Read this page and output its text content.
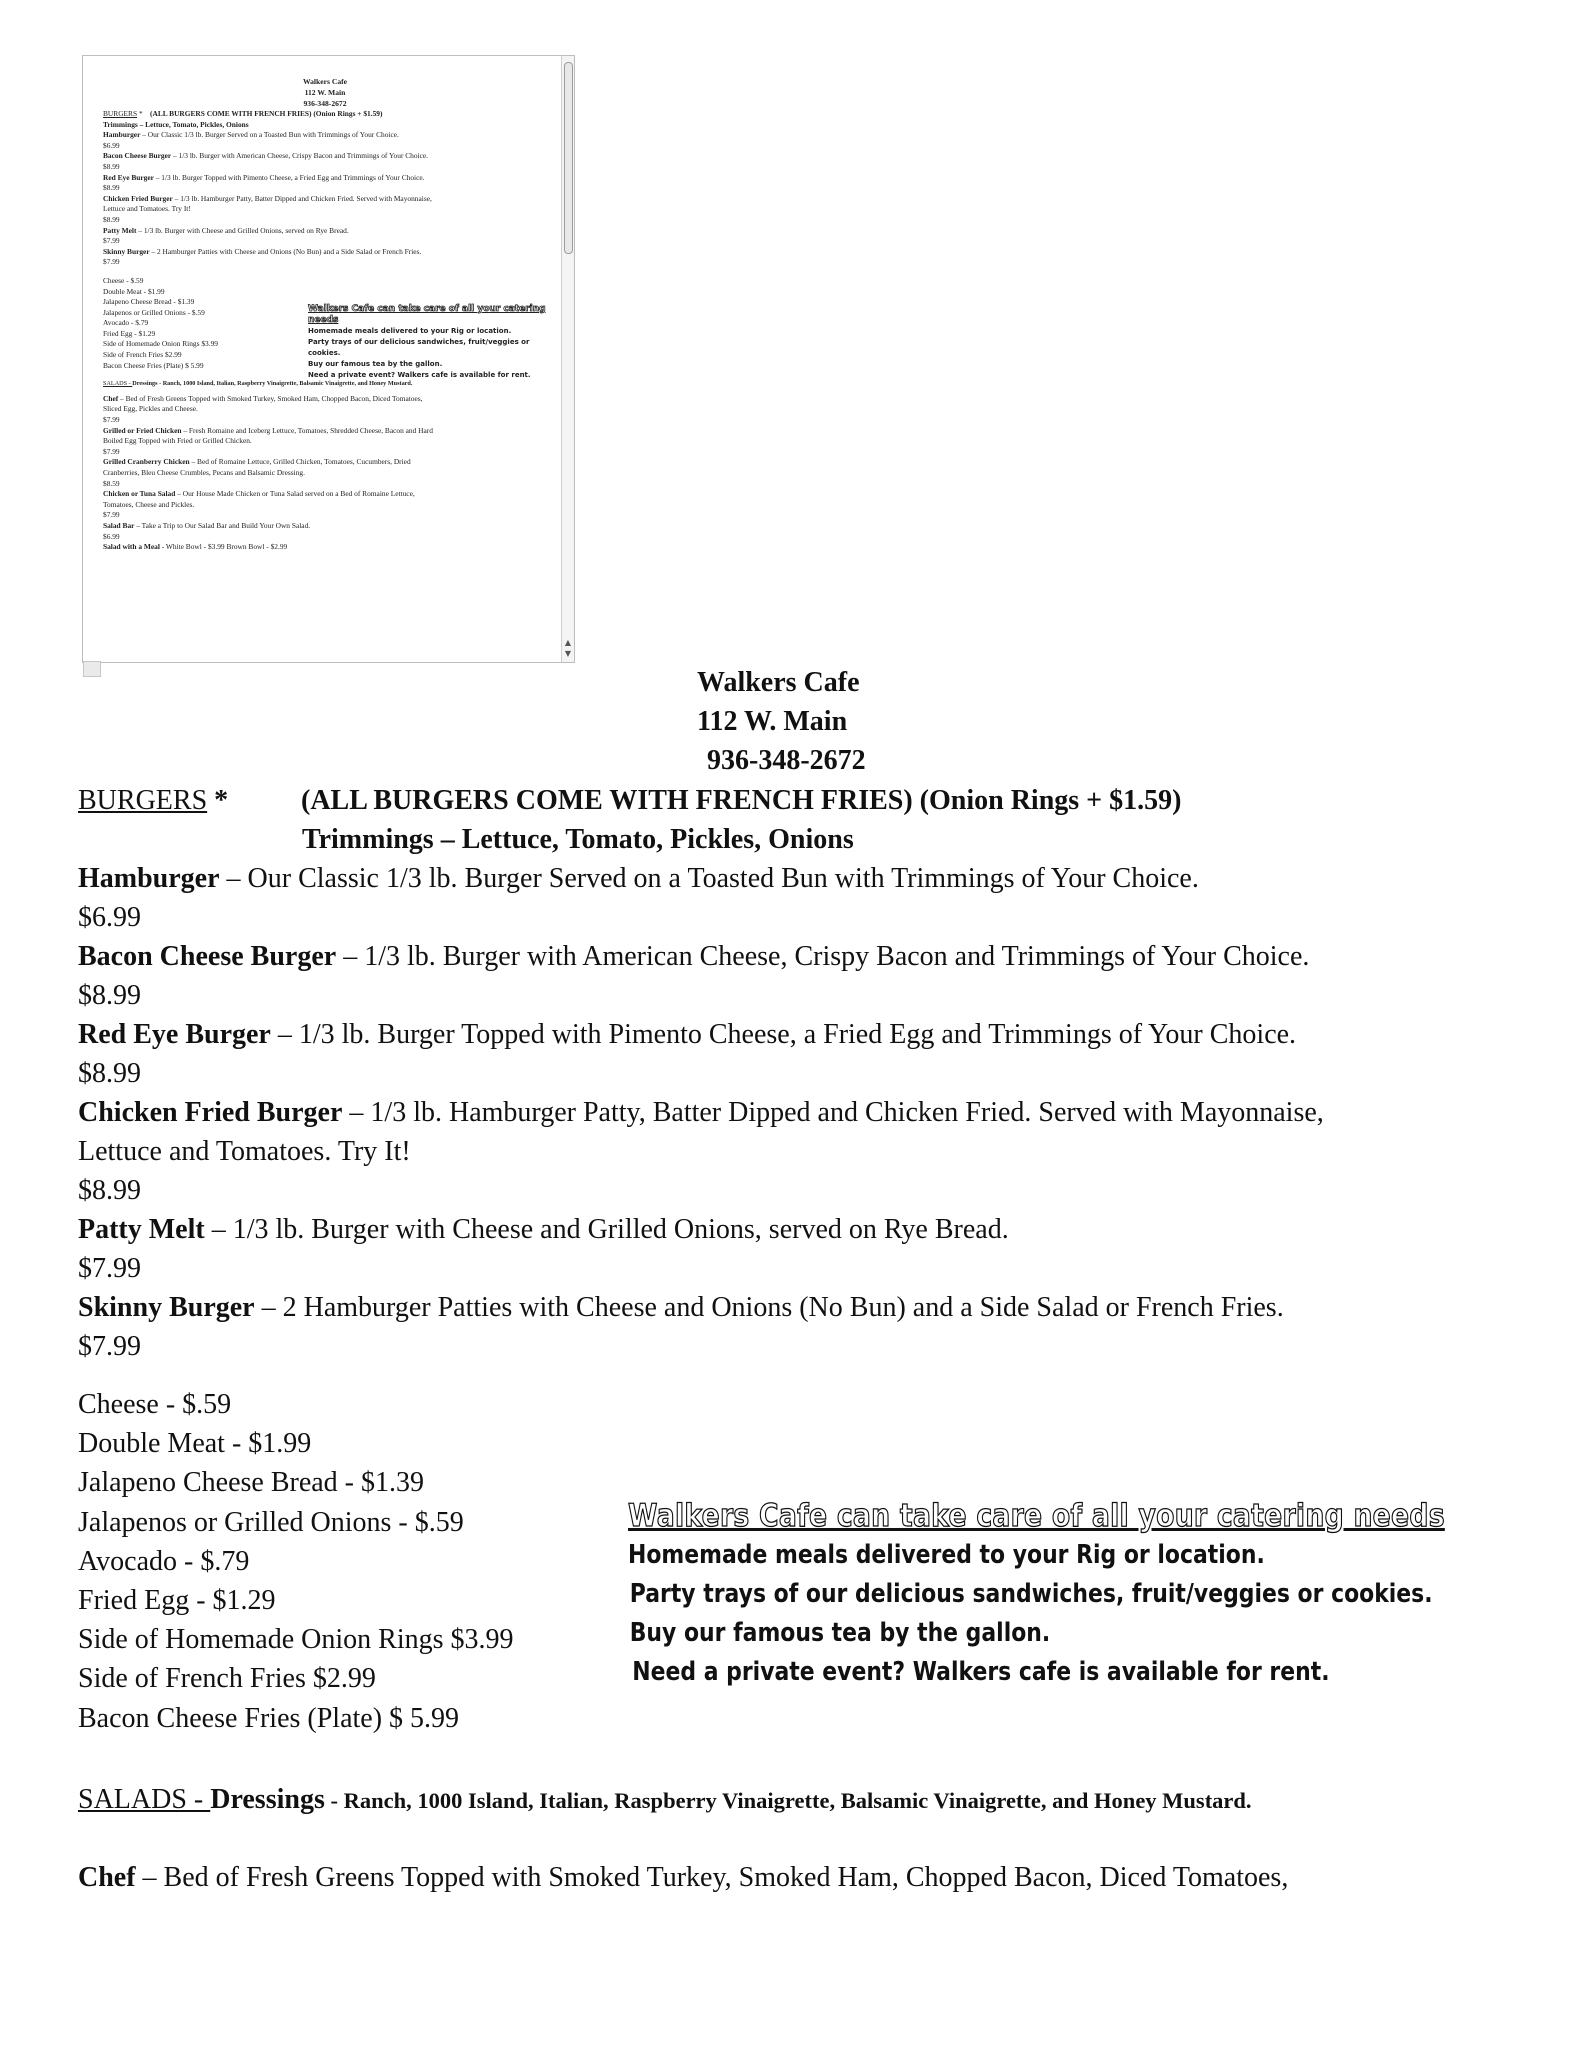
Walkers Cafe
112 W. Main
936-348-2672
BURGERS * (ALL BURGERS COME WITH FRENCH FRIES) (Onion Rings + $1.59)
Trimmings – Lettuce, Tomato, Pickles, Onions
Hamburger – Our Classic 1/3 lb. Burger Served on a Toasted Bun with Trimmings of Your Choice.
$6.99
Bacon Cheese Burger – 1/3 lb. Burger with American Cheese, Crispy Bacon and Trimmings of Your Choice.
$8.99
Red Eye Burger – 1/3 lb. Burger Topped with Pimento Cheese, a Fried Egg and Trimmings of Your Choice.
$8.99
Chicken Fried Burger – 1/3 lb. Hamburger Patty, Batter Dipped and Chicken Fried. Served with Mayonnaise,
Lettuce and Tomatoes. Try It!
$8.99
Patty Melt – 1/3 lb. Burger with Cheese and Grilled Onions, served on Rye Bread.
$7.99
Skinny Burger – 2 Hamburger Patties with Cheese and Onions (No Bun) and a Side Salad or French Fries.
$7.99
Cheese - $.59
Double Meat - $1.99
Jalapeno Cheese Bread - $1.39
Jalapenos or Grilled Onions - $.59
Avocado - $.79
Fried Egg - $1.29
Side of Homemade Onion Rings $3.99
Side of French Fries $2.99
Bacon Cheese Fries (Plate) $ 5.99
Walkers Cafe can take care of all your catering needs
Homemade meals delivered to your Rig or location.
Party trays of our delicious sandwiches, fruit/veggies or cookies.
Buy our famous tea by the gallon.
Need a private event? Walkers cafe is available for rent.
SALADS - Dressings - Ranch, 1000 Island, Italian, Raspberry Vinaigrette, Balsamic Vinaigrette, and Honey Mustard.
Chef – Bed of Fresh Greens Topped with Smoked Turkey, Smoked Ham, Chopped Bacon, Diced Tomatoes,
Sliced Egg, Pickles and Cheese.
$7.99
Grilled or Fried Chicken – Fresh Romaine and Iceberg Lettuce, Tomatoes, Shredded Cheese, Bacon and Hard
Boiled Egg Topped with Fried or Grilled Chicken.
$7.99
Grilled Cranberry Chicken – Bed of Romaine Lettuce, Grilled Chicken, Tomatoes, Cucumbers, Dried
Cranberries, Bleu Cheese Crumbles, Pecans and Balsamic Dressing.
$8.59
Chicken or Tuna Salad – Our House Made Chicken or Tuna Salad served on a Bed of Romaine Lettuce,
Tomatoes, Cheese and Pickles.
$7.99
Salad Bar – Take a Trip to Our Salad Bar and Build Your Own Salad.
$6.99
Salad with a Meal - White Bowl - $3.99 Brown Bowl - $2.99
▲
▼
Walkers Cafe
112 W. Main
936-348-2672
BURGERS *	(ALL BURGERS COME WITH FRENCH FRIES) (Onion Rings + $1.59)
Trimmings – Lettuce, Tomato, Pickles, Onions
Hamburger – Our Classic 1/3 lb. Burger Served on a Toasted Bun with Trimmings of Your Choice.
$6.99
Bacon Cheese Burger – 1/3 lb. Burger with American Cheese, Crispy Bacon and Trimmings of Your Choice.
$8.99
Red Eye Burger – 1/3 lb. Burger Topped with Pimento Cheese, a Fried Egg and Trimmings of Your Choice.
$8.99
Chicken Fried Burger – 1/3 lb. Hamburger Patty, Batter Dipped and Chicken Fried. Served with Mayonnaise,
Lettuce and Tomatoes. Try It!
$8.99
Patty Melt – 1/3 lb. Burger with Cheese and Grilled Onions, served on Rye Bread.
$7.99
Skinny Burger – 2 Hamburger Patties with Cheese and Onions (No Bun) and a Side Salad or French Fries.
$7.99
Cheese - $.59
Double Meat - $1.99
Jalapeno Cheese Bread - $1.39
Jalapenos or Grilled Onions - $.59
Avocado - $.79
Fried Egg - $1.29
Side of Homemade Onion Rings $3.99
Side of French Fries $2.99
Bacon Cheese Fries (Plate) $ 5.99
Walkers Cafe can take care of all your catering needs
Homemade meals delivered to your Rig or location.
Party trays of our delicious sandwiches, fruit/veggies or cookies.
Buy our famous tea by the gallon.
Need a private event? Walkers cafe is available for rent.
SALADS - Dressings - Ranch, 1000 Island, Italian, Raspberry Vinaigrette, Balsamic Vinaigrette, and Honey Mustard.
Chef – Bed of Fresh Greens Topped with Smoked Turkey, Smoked Ham, Chopped Bacon, Diced Tomatoes,
